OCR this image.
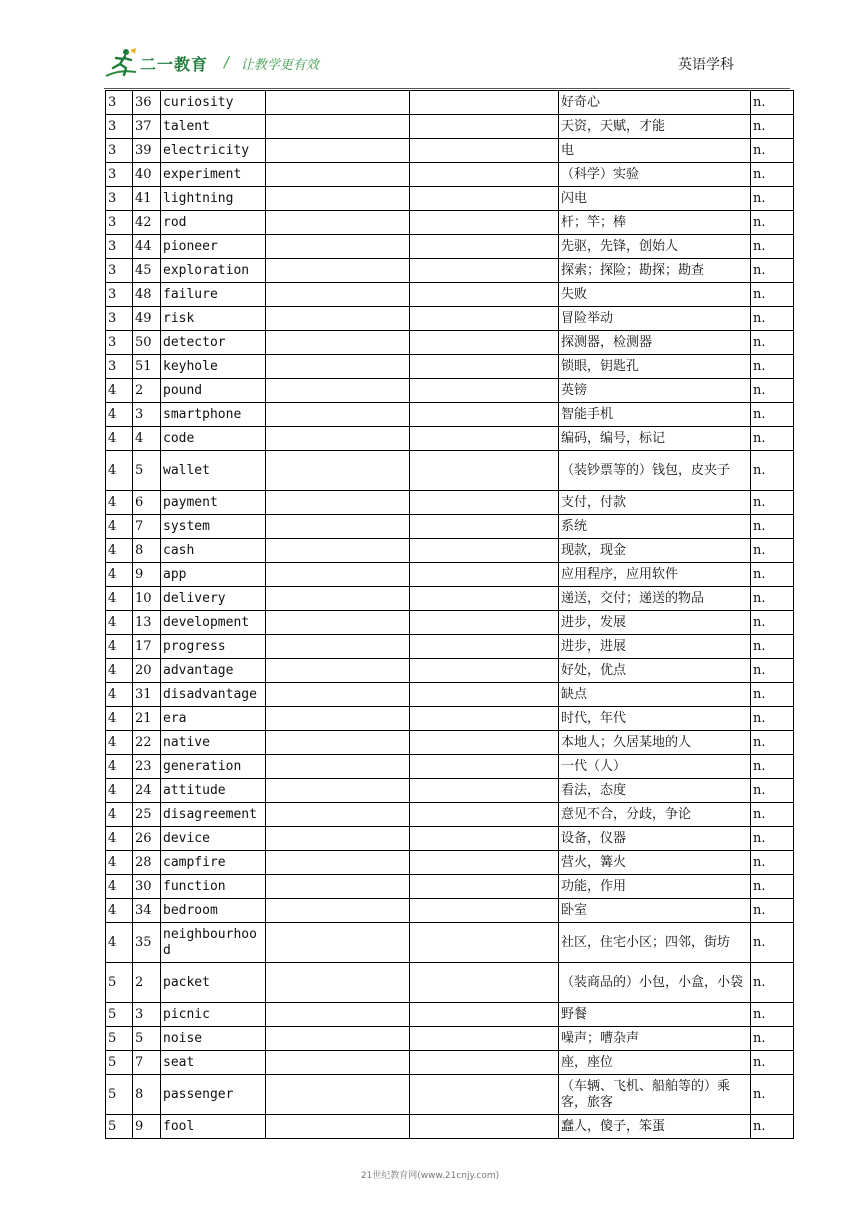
二一教育 / 让教学更有效	英语学科
3	36	curiosity			好奇心	n.
3	37	talent			天资，天赋，才能	n.
3	39	electricity			电	n.
3	40	experiment			（科学）实验	n.
3	41	lightning			闪电	n.
3	42	rod			杆；竿；棒	n.
3	44	pioneer			先驱，先锋，创始人	n.
3	45	exploration			探索；探险；勘探；勘查	n.
3	48	failure			失败	n.
3	49	risk			冒险举动	n.
3	50	detector			探测器，检测器	n.
3	51	keyhole			锁眼，钥匙孔	n.
4	2	pound			英镑	n.
4	3	smartphone			智能手机	n.
4	4	code			编码，编号，标记	n.
4	5	wallet			（装钞票等的）钱包，皮夹子	n.
4	6	payment			支付，付款	n.
4	7	system			系统	n.
4	8	cash			现款，现金	n.
4	9	app			应用程序，应用软件	n.
4	10	delivery			递送，交付；递送的物品	n.
4	13	development			进步，发展	n.
4	17	progress			进步，进展	n.
4	20	advantage			好处，优点	n.
4	31	disadvantage			缺点	n.
4	21	era			时代，年代	n.
4	22	native			本地人；久居某地的人	n.
4	23	generation			一代（人）	n.
4	24	attitude			看法，态度	n.
4	25	disagreement			意见不合，分歧，争论	n.
4	26	device			设备，仪器	n.
4	28	campfire			营火，篝火	n.
4	30	function			功能，作用	n.
4	34	bedroom			卧室	n.
4	35	neighbourhood			社区，住宅小区；四邻，街坊	n.
5	2	packet			（装商品的）小包，小盒，小袋	n.
5	3	picnic			野餐	n.
5	5	noise			噪声；嘈杂声	n.
5	7	seat			座，座位	n.
5	8	passenger			（车辆、飞机、船舶等的）乘客，旅客	n.
5	9	fool			蠢人，傻子，笨蛋	n.
21世纪教育网(www.21cnjy.com)
